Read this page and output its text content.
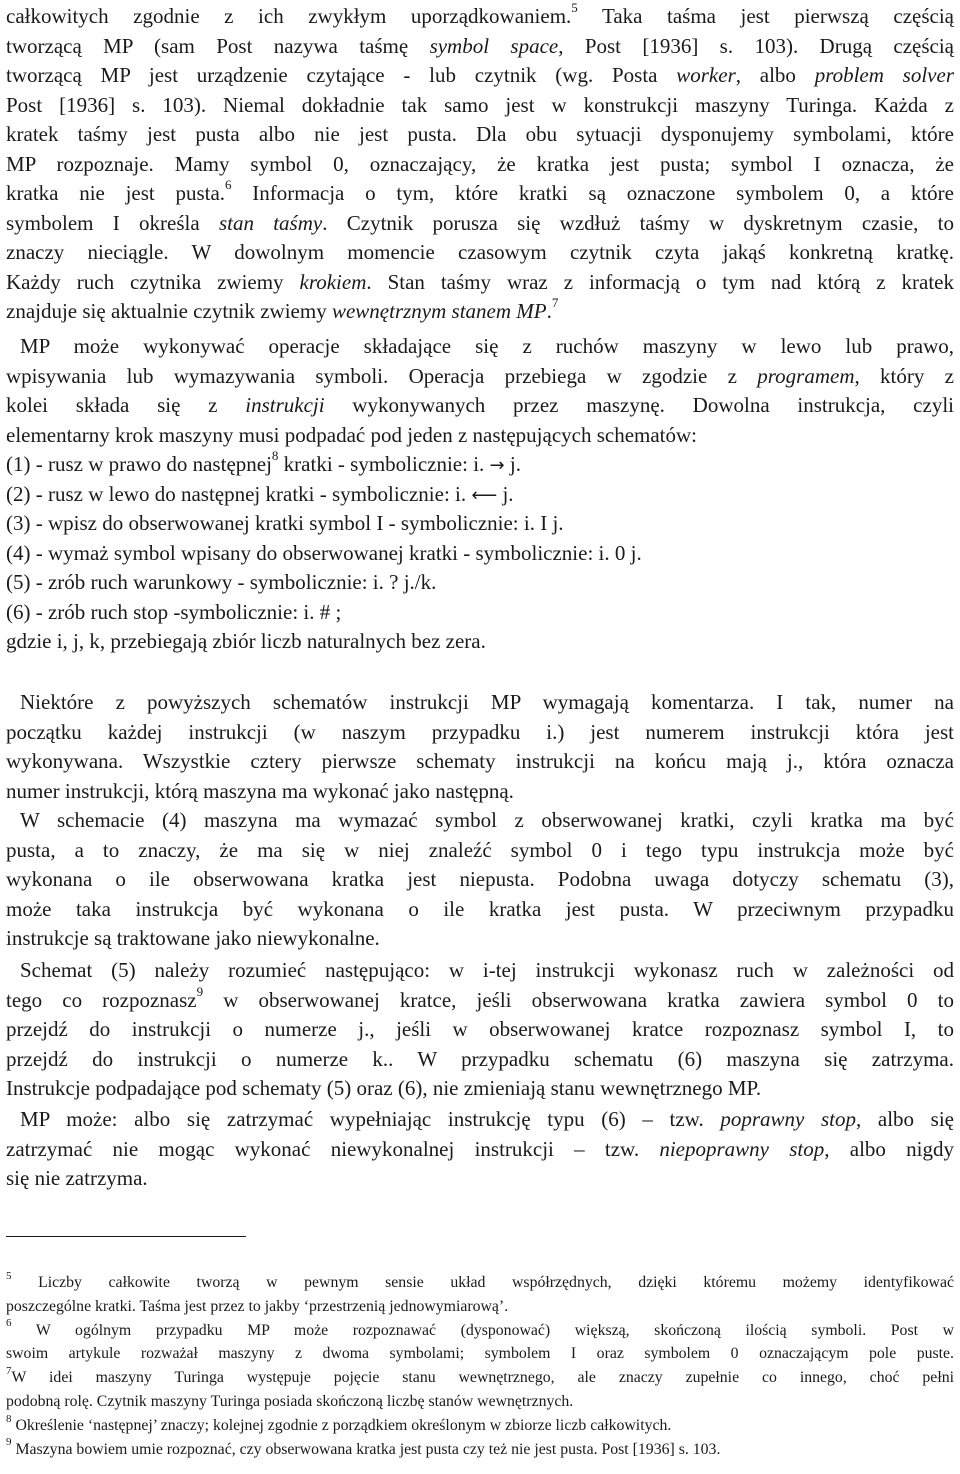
całkowitych zgodnie z ich zwykłym uporządkowaniem.$^5$ Taka taśma jest pierwszą częścią
tworzącą MP (sam Post nazywa taśmę symbol space, Post [1936] s. 103). Drugą częścią
tworzącą MP jest urządzenie czytające - lub czytnik (wg. Posta worker, albo problem solver
Post [1936] s. 103). Niemal dokładnie tak samo jest w konstrukcji maszyny Turinga. Każda z
kratek taśmy jest pusta albo nie jest pusta. Dla obu sytuacji dysponujemy symbolami, które
MP rozpoznaje. Mamy symbol 0, oznaczający, że kratka jest pusta; symbol I oznacza, że
kratka nie jest pusta.$^6$ Informacja o tym, które kratki są oznaczone symbolem 0, a które
symbolem I określa stan taśmy. Czytnik porusza się wzdłuż taśmy w dyskretnym czasie, to
znaczy nieciągle. W dowolnym momencie czasowym czytnik czyta jakąś konkretną kratkę.
Każdy ruch czytnika zwiemy krokiem. Stan taśmy wraz z informacją o tym nad którą z kratek
znajduje się aktualnie czytnik zwiemy wewnętrznym stanem MP.$^7$
MP może wykonywać operacje składające się z ruchów maszyny w lewo lub prawo,
wpisywania lub wymazywania symboli. Operacja przebiega w zgodzie z programem, który z
kolei składa się z instrukcji wykonywanych przez maszynę. Dowolna instrukcja, czyli
elementarny krok maszyny musi podpadać pod jeden z następujących schematów:
(1) - rusz w prawo do następnej$^8$ kratki - symbolicznie: i. → j.
(2) - rusz w lewo do następnej kratki - symbolicznie: i. ⟵ j.
(3) - wpisz do obserwowanej kratki symbol I - symbolicznie: i. I j.
(4) - wymaż symbol wpisany do obserwowanej kratki - symbolicznie: i. 0 j.
(5) - zrób ruch warunkowy - symbolicznie: i. ? j./k.
(6) - zrób ruch stop -symbolicznie: i. # ;
gdzie i, j, k, przebiegają zbiór liczb naturalnych bez zera.
Niektóre z powyższych schematów instrukcji MP wymagają komentarza. I tak, numer na
początku każdej instrukcji (w naszym przypadku i.) jest numerem instrukcji która jest
wykonywana. Wszystkie cztery pierwsze schematy instrukcji na końcu mają j., która oznacza
numer instrukcji, którą maszyna ma wykonać jako następną.
W schemacie (4) maszyna ma wymazać symbol z obserwowanej kratki, czyli kratka ma być
pusta, a to znaczy, że ma się w niej znaleźć symbol 0 i tego typu instrukcja może być
wykonana o ile obserwowana kratka jest niepusta. Podobna uwaga dotyczy schematu (3),
może taka instrukcja być wykonana o ile kratka jest pusta. W przeciwnym przypadku
instrukcje są traktowane jako niewykonalne.
Schemat (5) należy rozumieć następująco: w i-tej instrukcji wykonasz ruch w zależności od
tego co rozpoznasz$^9$ w obserwowanej kratce, jeśli obserwowana kratka zawiera symbol 0 to
przejdź do instrukcji o numerze j., jeśli w obserwowanej kratce rozpoznasz symbol I, to
przejdź do instrukcji o numerze k.. W przypadku schematu (6) maszyna się zatrzyma.
Instrukcje podpadające pod schematy (5) oraz (6), nie zmieniają stanu wewnętrznego MP.
MP może: albo się zatrzymać wypełniając instrukcję typu (6) – tzw. poprawny stop, albo się
zatrzymać nie mogąc wykonać niewykonalnej instrukcji – tzw. niepoprawny stop, albo nigdy
się nie zatrzyma.
$^5$ Liczby całkowite tworzą w pewnym sensie układ współrzędnych, dzięki któremu możemy identyfikować
poszczególne kratki. Taśma jest przez to jakby ‘przestrzenią jednowymiarową’.
$^6$ W ogólnym przypadku MP może rozpoznawać (dysponować) większą, skończoną ilością symboli. Post w
swoim artykule rozważał maszyny z dwoma symbolami; symbolem I oraz symbolem 0 oznaczającym pole puste.
$^7$W idei maszyny Turinga występuje pojęcie stanu wewnętrznego, ale znaczy zupełnie co innego, choć pełni
podobną rolę. Czytnik maszyny Turinga posiada skończoną liczbę stanów wewnętrznych.
$^8$ Określenie ‘następnej’ znaczy; kolejnej zgodnie z porządkiem określonym w zbiorze liczb całkowitych.
$^9$ Maszyna bowiem umie rozpoznać, czy obserwowana kratka jest pusta czy też nie jest pusta. Post [1936] s. 103.
